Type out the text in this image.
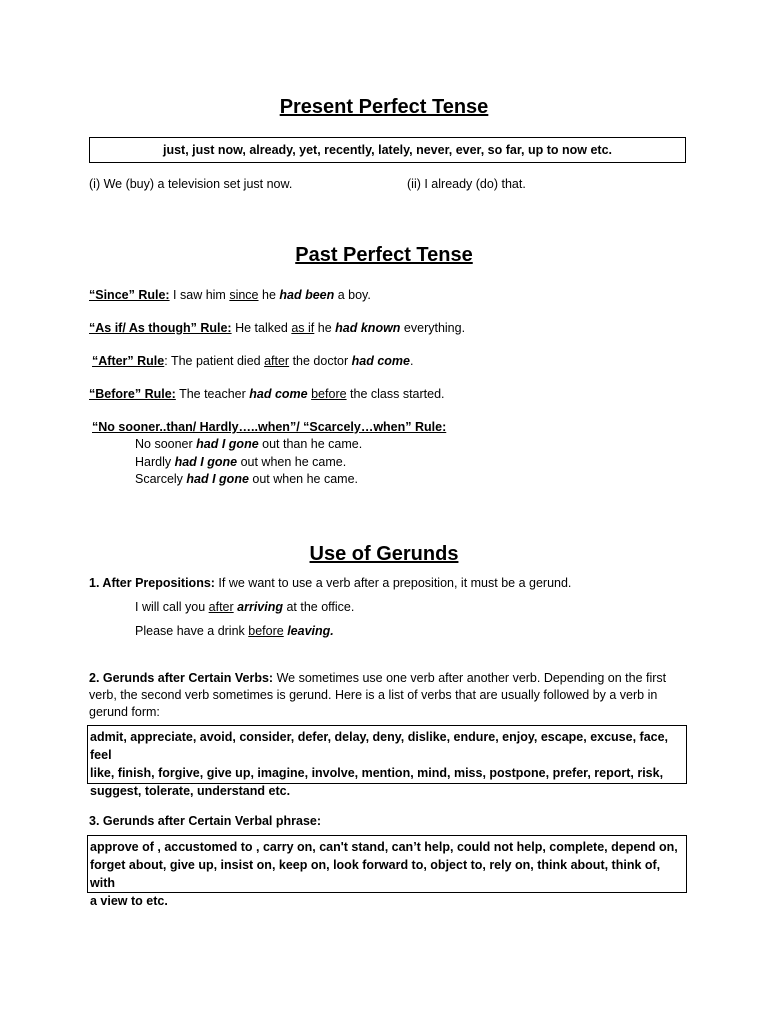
Present Perfect Tense
just, just now, already, yet, recently, lately, never, ever, so far, up to now etc.
(i) We (buy) a television set just now.	(ii) I already (do) that.
Past Perfect Tense
“Since” Rule: I saw him since he had been a boy.
“As if/ As though” Rule: He talked as if he had known everything.
“After” Rule: The patient died after the doctor had come.
“Before” Rule: The teacher had come before the class started.
“No sooner..than/ Hardly…..when”/ “Scarcely…when” Rule:
No sooner had I gone out than he came.
Hardly had I gone out when he came.
Scarcely had I gone out when he came.
Use of Gerunds
1. After Prepositions: If we want to use a verb after a preposition, it must be a gerund.
I will call you after arriving at the office.
Please have a drink before leaving.
2. Gerunds after Certain Verbs: We sometimes use one verb after another verb. Depending on the first
verb, the second verb sometimes is gerund. Here is a list of verbs that are usually followed by a verb in
gerund form:
admit, appreciate, avoid, consider, defer, delay, deny, dislike, endure, enjoy, escape, excuse, face, feel
like, finish, forgive, give up, imagine, involve, mention, mind, miss, postpone, prefer, report, risk,
suggest, tolerate, understand etc.
3. Gerunds after Certain Verbal phrase:
approve of , accustomed to , carry on, can't stand, can’t help, could not help, complete, depend on,
forget about, give up, insist on, keep on, look forward to, object to, rely on, think about, think of, with
a view to etc.
